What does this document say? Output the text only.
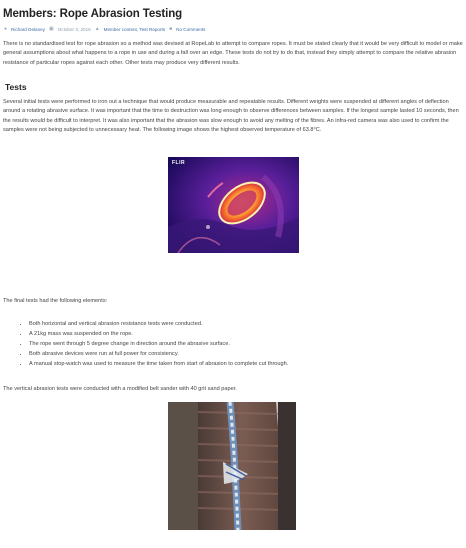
Members: Rope Abrasion Testing
● Richard Delaney ▣ October 3, 2016 ▲ Member content, Test Reports ■ No Comments

There is no standardised test for rope abrasion so a method was devised at RopeLab to attempt to compare ropes. It must be stated clearly that it would be very difficult to model or make general assumptions about what happens to a rope in use and during a fall over an edge. These tests do not try to do that, instead they simply attempt to compare the relative abrasion resistance of particular ropes against each other. Other tests may produce very different results.

Tests

Several initial tests were performed to iron out a technique that would produce measurable and repeatable results. Different weights were suspended at different angles of deflection around a rotating abrasive surface. It was important that the time to destruction was long enough to observe differences between samples. If the longest sample lasted 10 seconds, then the results would be difficult to interpret. It was also important that the abrasion was slow enough to avoid any melting of the fibres. An infra-red camera was also used to confirm the samples were not being subjected to unnecessary heat. The following image shows the highest observed temperature of 63.8°C.

FLIR

The final tests had the following elements:

• Both horizontal and vertical abrasion resistance tests were conducted.
• A 21kg mass was suspended on the rope.
• The rope went through 5 degree change in direction around the abrasive surface.
• Both abrasive devices were run at full power for consistency.
• A manual stop-watch was used to measure the time taken from start of abrasion to complete cut through.

The vertical abrasion tests were conducted with a modified belt sander with 40 grit sand paper.
